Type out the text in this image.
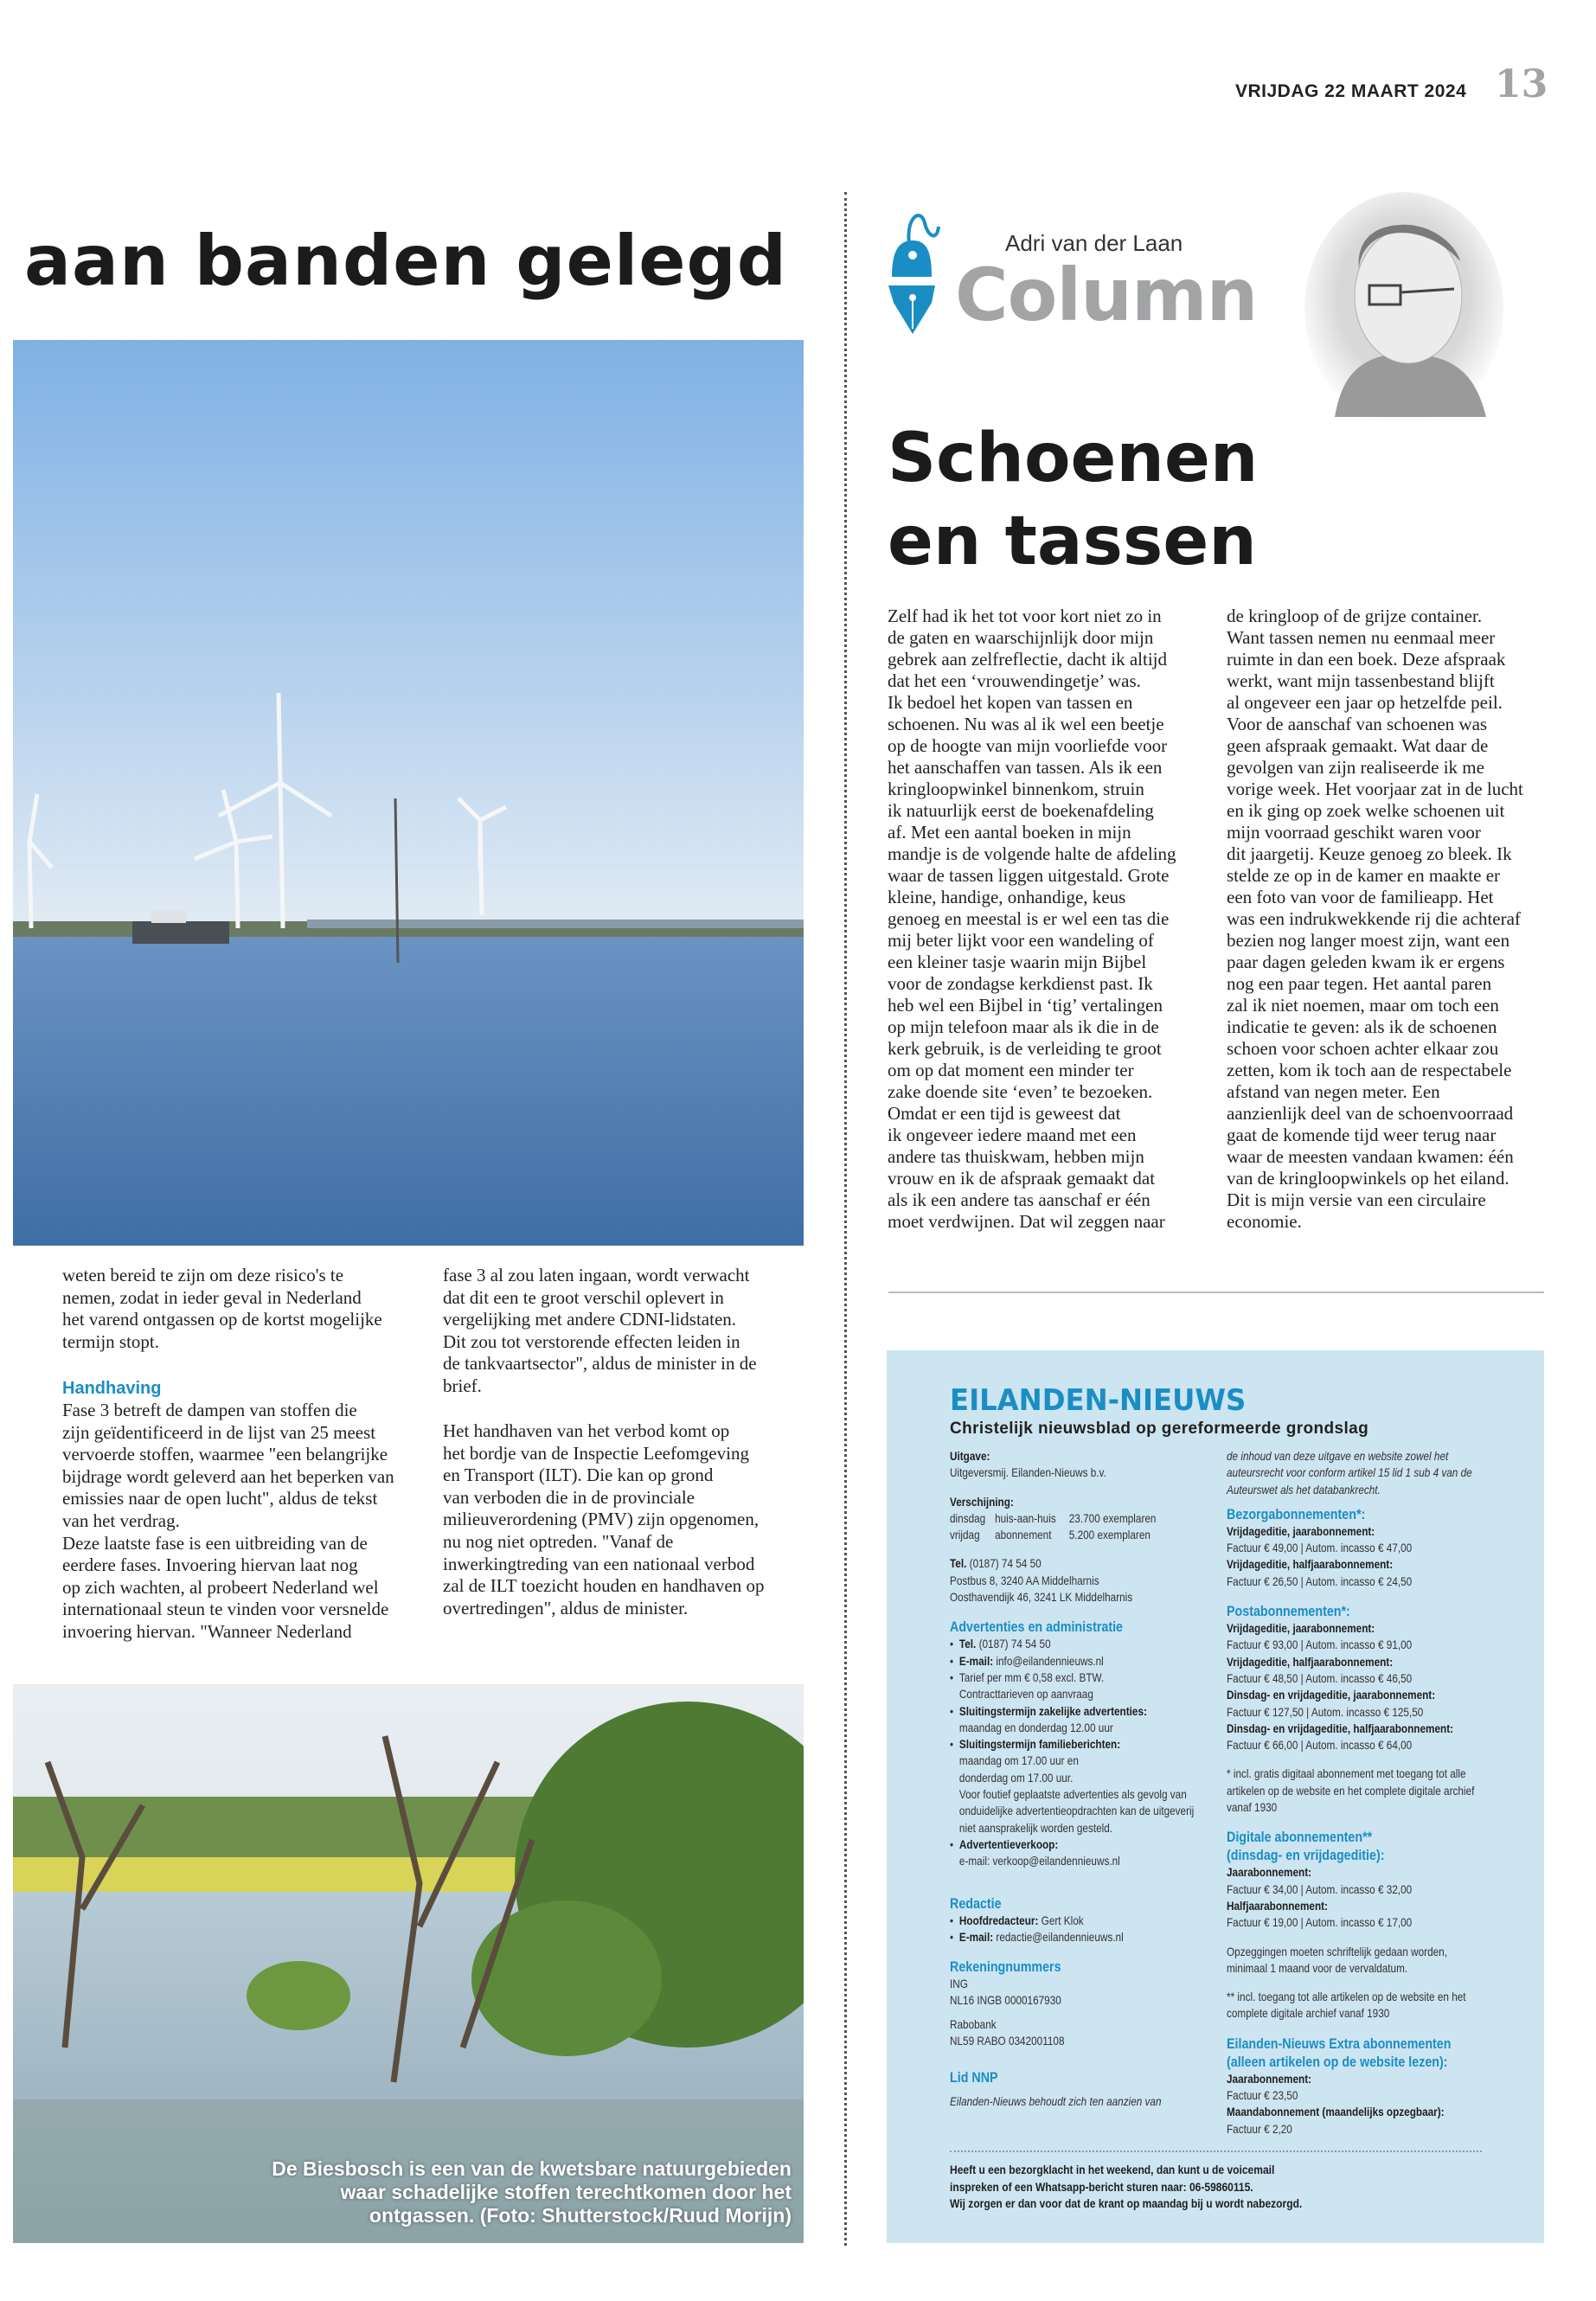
VRIJDAG 22 MAART 2024 13
aan banden gelegd
weten bereid te zijn om deze risico's te
nemen, zodat in ieder geval in Nederland
het varend ontgassen op de kortst mogelijke
termijn stopt.
Handhaving
Fase 3 betreft de dampen van stoffen die
zijn geïdentificeerd in de lijst van 25 meest
vervoerde stoffen, waarmee "een belangrijke
bijdrage wordt geleverd aan het beperken van
emissies naar de open lucht", aldus de tekst
van het verdrag.
Deze laatste fase is een uitbreiding van de
eerdere fases. Invoering hiervan laat nog
op zich wachten, al probeert Nederland wel
internationaal steun te vinden voor versnelde
invoering hiervan. "Wanneer Nederland
fase 3 al zou laten ingaan, wordt verwacht
dat dit een te groot verschil oplevert in
vergelijking met andere CDNI-lidstaten.
Dit zou tot verstorende effecten leiden in
de tankvaartsector", aldus de minister in de
brief.
Het handhaven van het verbod komt op
het bordje van de Inspectie Leefomgeving
en Transport (ILT). Die kan op grond
van verboden die in de provinciale
milieuverordening (PMV) zijn opgenomen,
nu nog niet optreden. "Vanaf de
inwerkingtreding van een nationaal verbod
zal de ILT toezicht houden en handhaven op
overtredingen", aldus de minister.
De Biesbosch is een van de kwetsbare natuurgebieden
waar schadelijke stoffen terechtkomen door het
ontgassen. (Foto: Shutterstock/Ruud Morijn)
Adri van der Laan
Column
Schoenen
en tassen
Zelf had ik het tot voor kort niet zo in
de gaten en waarschijnlijk door mijn
gebrek aan zelfreflectie, dacht ik altijd
dat het een ‘vrouwendingetje’ was.
Ik bedoel het kopen van tassen en
schoenen. Nu was al ik wel een beetje
op de hoogte van mijn voorliefde voor
het aanschaffen van tassen. Als ik een
kringloopwinkel binnenkom, struin
ik natuurlijk eerst de boekenafdeling
af. Met een aantal boeken in mijn
mandje is de volgende halte de afdeling
waar de tassen liggen uitgestald. Grote
kleine, handige, onhandige, keus
genoeg en meestal is er wel een tas die
mij beter lijkt voor een wandeling of
een kleiner tasje waarin mijn Bijbel
voor de zondagse kerkdienst past. Ik
heb wel een Bijbel in ‘tig’ vertalingen
op mijn telefoon maar als ik die in de
kerk gebruik, is de verleiding te groot
om op dat moment een minder ter
zake doende site ‘even’ te bezoeken.
Omdat er een tijd is geweest dat
ik ongeveer iedere maand met een
andere tas thuiskwam, hebben mijn
vrouw en ik de afspraak gemaakt dat
als ik een andere tas aanschaf er één
moet verdwijnen. Dat wil zeggen naar
de kringloop of de grijze container.
Want tassen nemen nu eenmaal meer
ruimte in dan een boek. Deze afspraak
werkt, want mijn tassenbestand blijft
al ongeveer een jaar op hetzelfde peil.
Voor de aanschaf van schoenen was
geen afspraak gemaakt. Wat daar de
gevolgen van zijn realiseerde ik me
vorige week. Het voorjaar zat in de lucht
en ik ging op zoek welke schoenen uit
mijn voorraad geschikt waren voor
dit jaargetij. Keuze genoeg zo bleek. Ik
stelde ze op in de kamer en maakte er
een foto van voor de familieapp. Het
was een indrukwekkende rij die achteraf
bezien nog langer moest zijn, want een
paar dagen geleden kwam ik er ergens
nog een paar tegen. Het aantal paren
zal ik niet noemen, maar om toch een
indicatie te geven: als ik de schoenen
schoen voor schoen achter elkaar zou
zetten, kom ik toch aan de respectabele
afstand van negen meter. Een
aanzienlijk deel van de schoenvoorraad
gaat de komende tijd weer terug naar
waar de meesten vandaan kwamen: één
van de kringloopwinkels op het eiland.
Dit is mijn versie van een circulaire
economie.
EILANDEN-NIEUWS
Christelijk nieuwsblad op gereformeerde grondslag
Uitgave:
Uitgeversmij. Eilanden-Nieuws b.v.
Verschijning:
dinsdag huis-aan-huis	23.700 exemplaren
vrijdag	abonnement	5.200 exemplaren
Tel. (0187) 74 54 50
Postbus 8, 3240 AA Middelharnis
Oosthavendijk 46, 3241 LK Middelharnis
Advertenties en administratie
• Tel. (0187) 74 54 50
• E-mail: info@eilandennieuws.nl
• Tarief per mm € 0,58 excl. BTW.
Contracttarieven op aanvraag
• Sluitingstermijn zakelijke advertenties:
maandag en donderdag 12.00 uur
• Sluitingstermijn familieberichten:
maandag om 17.00 uur en
donderdag om 17.00 uur.
Voor foutief geplaatste advertenties als gevolg van onduidelijke advertentieopdrachten kan de uitgeverij niet aansprakelijk worden gesteld.
• Advertentieverkoop:
e-mail: verkoop@eilandennieuws.nl
Redactie
• Hoofdredacteur: Gert Klok
• E-mail: redactie@eilandennieuws.nl
Rekeningnummers
ING
NL16 INGB 0000167930
Rabobank
NL59 RABO 0342001108
Lid NNP
Eilanden-Nieuws behoudt zich ten aanzien van
de inhoud van deze uitgave en website zowel het auteursrecht voor conform artikel 15 lid 1 sub 4 van de Auteurswet als het databankrecht.
Bezorgabonnementen*:
Vrijdageditie, jaarabonnement:
Factuur € 49,00 | Autom. incasso € 47,00
Vrijdageditie, halfjaarabonnement:
Factuur € 26,50 | Autom. incasso € 24,50
Postabonnementen*:
Vrijdageditie, jaarabonnement:
Factuur € 93,00 | Autom. incasso € 91,00
Vrijdageditie, halfjaarabonnement:
Factuur € 48,50 | Autom. incasso € 46,50
Dinsdag- en vrijdageditie, jaarabonnement:
Factuur € 127,50 | Autom. incasso € 125,50
Dinsdag- en vrijdageditie, halfjaarabonnement:
Factuur € 66,00 | Autom. incasso € 64,00
* incl. gratis digitaal abonnement met toegang tot alle artikelen op de website en het complete digitale archief vanaf 1930
Digitale abonnementen**
(dinsdag- en vrijdageditie):
Jaarabonnement:
Factuur € 34,00 | Autom. incasso € 32,00
Halfjaarabonnement:
Factuur € 19,00 | Autom. incasso € 17,00
Opzeggingen moeten schriftelijk gedaan worden, minimaal 1 maand voor de vervaldatum.
** incl. toegang tot alle artikelen op de website en het complete digitale archief vanaf 1930
Eilanden-Nieuws Extra abonnementen
(alleen artikelen op de website lezen):
Jaarabonnement:
Factuur € 23,50
Maandabonnement (maandelijks opzegbaar):
Factuur € 2,20
Heeft u een bezorgklacht in het weekend, dan kunt u de voicemail
inspreken of een Whatsapp-bericht sturen naar: 06-59860115.
Wij zorgen er dan voor dat de krant op maandag bij u wordt nabezorgd.
